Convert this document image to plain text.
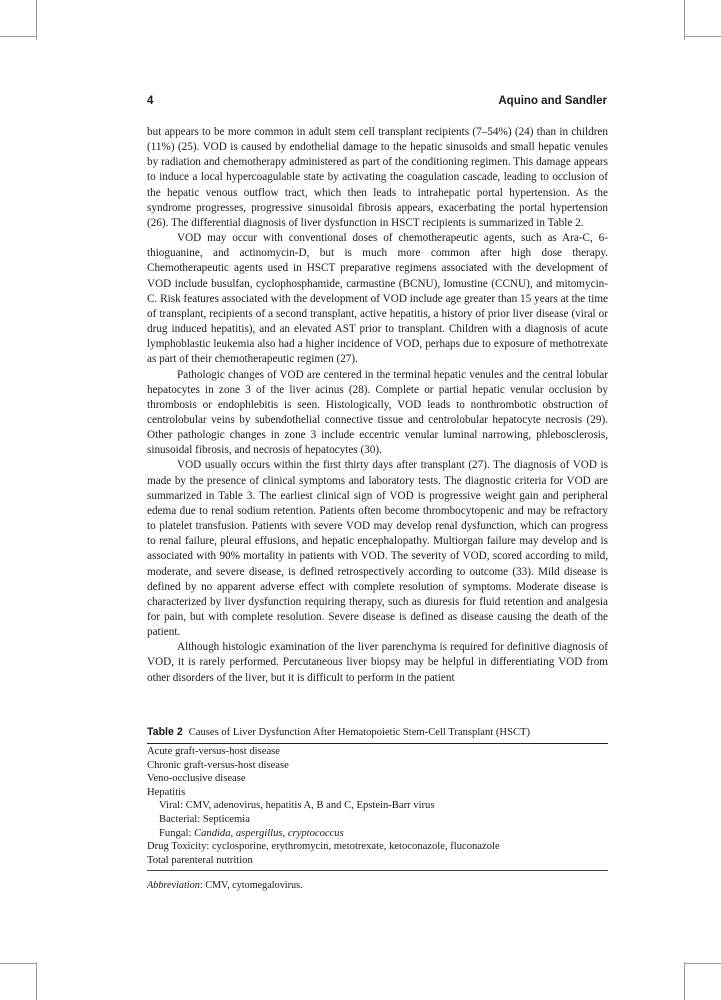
4	Aquino and Sandler

but appears to be more common in adult stem cell transplant recipients (7–54%) (24) than in children (11%) (25). VOD is caused by endothelial damage to the hepatic sinusoids and small hepatic venules by radiation and chemotherapy administered as part of the conditioning regimen. This damage appears to induce a local hypercoagulable state by activating the coagulation cascade, leading to occlusion of the hepatic venous outflow tract, which then leads to intrahepatic portal hypertension. As the syndrome progresses, progressive sinusoidal fibrosis appears, exacerbating the portal hypertension (26). The differential diagnosis of liver dysfunction in HSCT recipients is summarized in Table 2.

VOD may occur with conventional doses of chemotherapeutic agents, such as Ara-C, 6-thioguanine, and actinomycin-D, but is much more common after high dose therapy. Chemotherapeutic agents used in HSCT preparative regimens associated with the development of VOD include busulfan, cyclophosphamide, carmustine (BCNU), lomustine (CCNU), and mitomycin-C. Risk features associated with the development of VOD include age greater than 15 years at the time of transplant, recipients of a second transplant, active hepatitis, a history of prior liver disease (viral or drug induced hepatitis), and an elevated AST prior to transplant. Children with a diagnosis of acute lymphoblastic leukemia also had a higher incidence of VOD, perhaps due to exposure of methotrexate as part of their chemotherapeutic regimen (27).

Pathologic changes of VOD are centered in the terminal hepatic venules and the central lobular hepatocytes in zone 3 of the liver acinus (28). Complete or partial hepatic venular occlusion by thrombosis or endophlebitis is seen. Histologically, VOD leads to nonthrombotic obstruction of centrolobular veins by subendothelial connective tissue and centrolobular hepatocyte necrosis (29). Other pathologic changes in zone 3 include eccentric venular luminal narrowing, phlebosclerosis, sinusoidal fibrosis, and necrosis of hepatocytes (30).

VOD usually occurs within the first thirty days after transplant (27). The diagnosis of VOD is made by the presence of clinical symptoms and laboratory tests. The diagnostic criteria for VOD are summarized in Table 3. The earliest clinical sign of VOD is progressive weight gain and peripheral edema due to renal sodium retention. Patients often become thrombocytopenic and may be refractory to platelet transfusion. Patients with severe VOD may develop renal dysfunction, which can progress to renal failure, pleural effusions, and hepatic encephalopathy. Multiorgan failure may develop and is associated with 90% mortality in patients with VOD. The severity of VOD, scored according to mild, moderate, and severe disease, is defined retrospectively according to outcome (33). Mild disease is defined by no apparent adverse effect with complete resolution of symptoms. Moderate disease is characterized by liver dysfunction requiring therapy, such as diuresis for fluid retention and analgesia for pain, but with complete resolution. Severe disease is defined as disease causing the death of the patient.

Although histologic examination of the liver parenchyma is required for definitive diagnosis of VOD, it is rarely performed. Percutaneous liver biopsy may be helpful in differentiating VOD from other disorders of the liver, but it is difficult to perform in the patient

Table 2 Causes of Liver Dysfunction After Hematopoietic Stem-Cell Transplant (HSCT)
Acute graft-versus-host disease
Chronic graft-versus-host disease
Veno-occlusive disease
Hepatitis
Viral: CMV, adenovirus, hepatitis A, B and C, Epstein-Barr virus
Bacterial: Septicemia
Fungal: Candida, aspergillus, cryptococcus
Drug Toxicity: cyclosporine, erythromycin, metotrexate, ketoconazole, fluconazole
Total parenteral nutrition
Abbreviation: CMV, cytomegalovirus.
